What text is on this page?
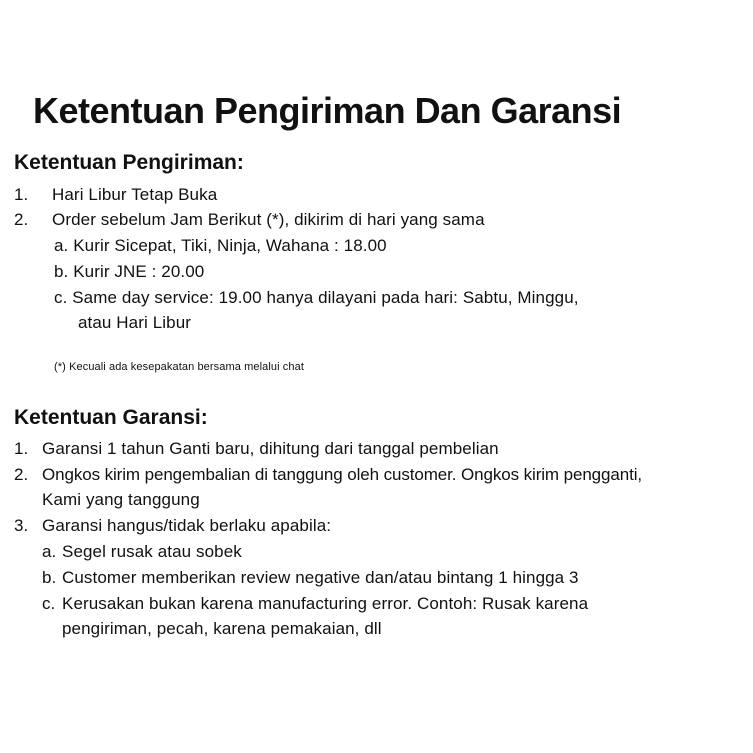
Ketentuan Pengiriman Dan Garansi
Ketentuan Pengiriman:
1. Hari Libur Tetap Buka
2. Order sebelum Jam Berikut (*), dikirim di hari yang sama
a. Kurir Sicepat, Tiki, Ninja, Wahana : 18.00
b. Kurir JNE : 20.00
c. Same day service: 19.00 hanya dilayani pada hari: Sabtu, Minggu,
atau Hari Libur
(*) Kecuali ada kesepakatan bersama melalui chat
Ketentuan Garansi:
1. Garansi 1 tahun Ganti baru, dihitung dari tanggal pembelian
2. Ongkos kirim pengembalian di tanggung oleh customer. Ongkos kirim pengganti,
Kami yang tanggung
3. Garansi hangus/tidak berlaku apabila:
a. Segel rusak atau sobek
b. Customer memberikan review negative dan/atau bintang 1 hingga 3
c. Kerusakan bukan karena manufacturing error. Contoh: Rusak karena
pengiriman, pecah, karena pemakaian, dll
